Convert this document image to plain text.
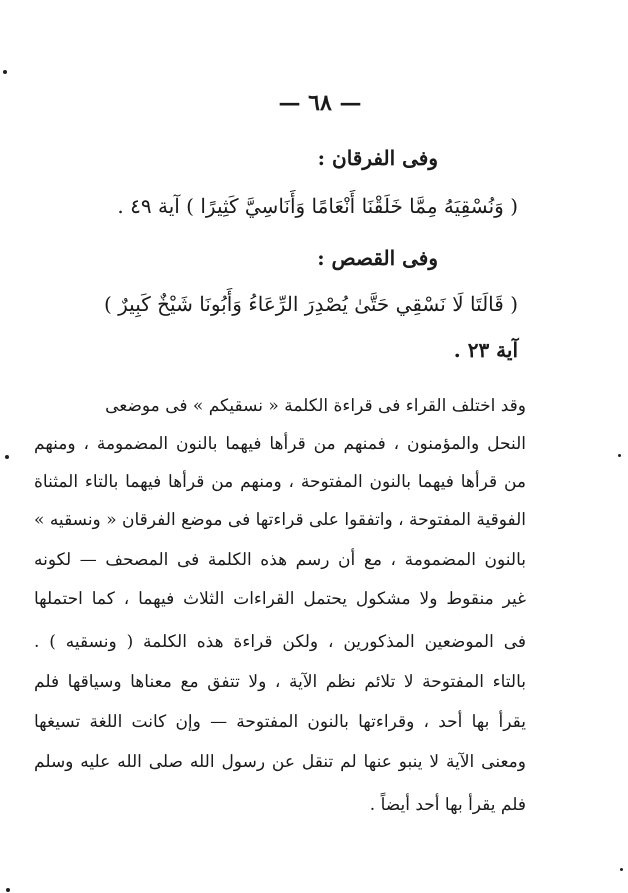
— ٦٨ —
وفى الفرقان :
( وَنُسْقِيَهُ مِمَّا خَلَقْنَا أَنْعَامًا وَأَنَاسِيَّ كَثِيرًا ) آية ٤٩ .
وفى القصص :
( قَالَتَا لَا نَسْقِي حَتَّىٰ يُصْدِرَ الرِّعَاءُ وَأَبُونَا شَيْخٌ كَبِيرٌ )
آية ٢٣ .
وقد اختلف القراء فى قراءة الكلمة « نسقيكم » فى موضعى
النحل والمؤمنون ، فمنهم من قرأها فيهما بالنون المضمومة ، ومنهم
من قرأها فيهما بالنون المفتوحة ، ومنهم من قرأها فيهما بالتاء المثناة
الفوقية المفتوحة ، واتفقوا على قراءتها فى موضع الفرقان « ونسقيه »
بالنون المضمومة ، مع أن رسم هذه الكلمة فى المصحف — لكونه
غير منقوط ولا مشكول يحتمل القراءات الثلاث فيهما ، كما احتملها
فى الموضعين المذكورين ، ولكن قراءة هذه الكلمة ( ونسقيه ) .
بالتاء المفتوحة لا تلائم نظم الآية ، ولا تتفق مع معناها وسياقها فلم
يقرأ بها أحد ، وقراءتها بالنون المفتوحة — وإن كانت اللغة تسيغها
ومعنى الآية لا ينبو عنها لم تنقل عن رسول الله صلى الله عليه وسلم
فلم يقرأ بها أحد أيضاً .
